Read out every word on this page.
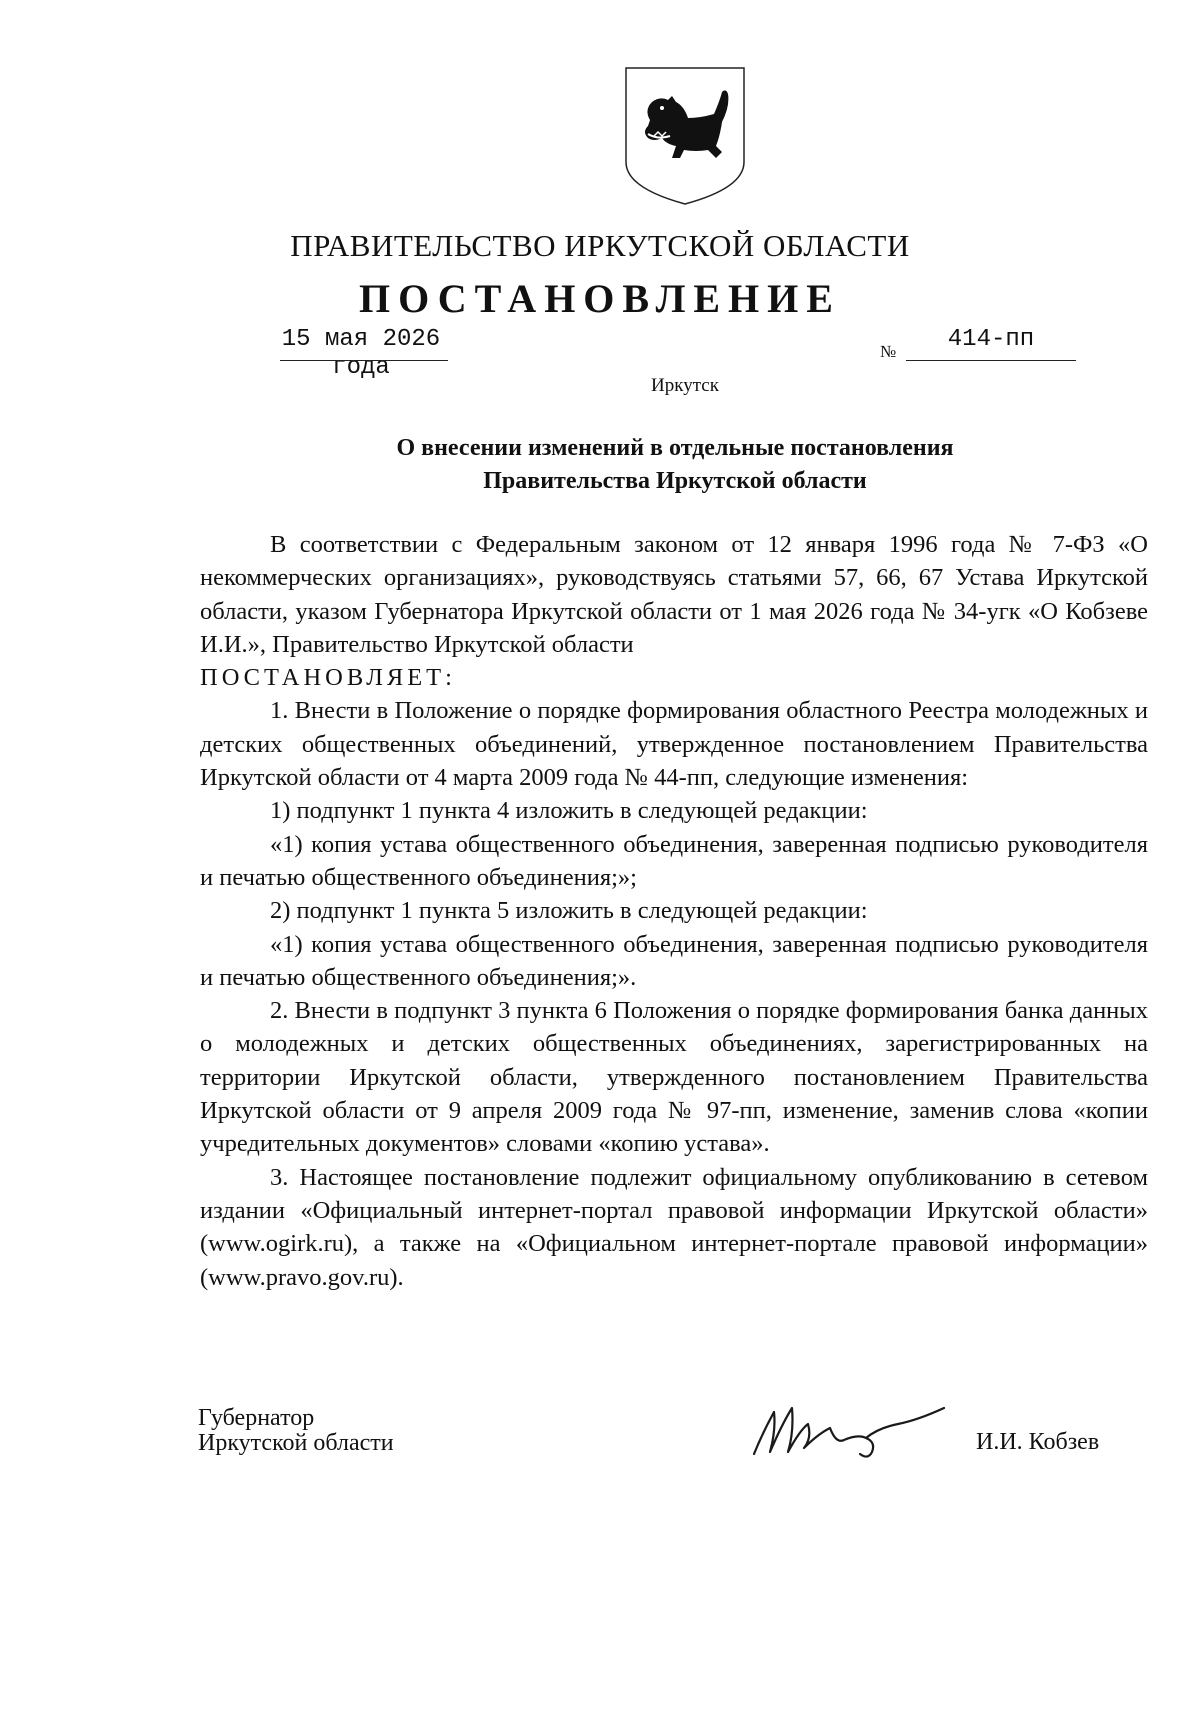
ПРАВИТЕЛЬСТВО ИРКУТСКОЙ ОБЛАСТИ
ПОСТАНОВЛЕНИЕ
15 мая 2026 года
№	414-пп
Иркутск
О внесении изменений в отдельные постановления
Правительства Иркутской области

В соответствии с Федеральным законом от 12 января 1996 года № 7-ФЗ «О некоммерческих организациях», руководствуясь статьями 57, 66, 67 Устава Иркутской области, указом Губернатора Иркутской области от 1 мая 2026 года № 34-угк «О Кобзеве И.И.», Правительство Иркутской области

ПОСТАНОВЛЯЕТ:

1. Внести в Положение о порядке формирования областного Реестра молодежных и детских общественных объединений, утвержденное постановлением Правительства Иркутской области от 4 марта 2009 года № 44-пп, следующие изменения:

1) подпункт 1 пункта 4 изложить в следующей редакции:

«1) копия устава общественного объединения, заверенная подписью руководителя и печатью общественного объединения;»;

2) подпункт 1 пункта 5 изложить в следующей редакции:

«1) копия устава общественного объединения, заверенная подписью руководителя и печатью общественного объединения;».

2. Внести в подпункт 3 пункта 6 Положения о порядке формирования банка данных о молодежных и детских общественных объединениях, зарегистрированных на территории Иркутской области, утвержденного постановлением Правительства Иркутской области от 9 апреля 2009 года № 97-пп, изменение, заменив слова «копии учредительных документов» словами «копию устава».

3. Настоящее постановление подлежит официальному опубликованию в сетевом издании «Официальный интернет-портал правовой информации Иркутской области» (www.ogirk.ru), а также на «Официальном интернет-портале правовой информации» (www.pravo.gov.ru).

Губернатор
Иркутской области	И.И. Кобзев
